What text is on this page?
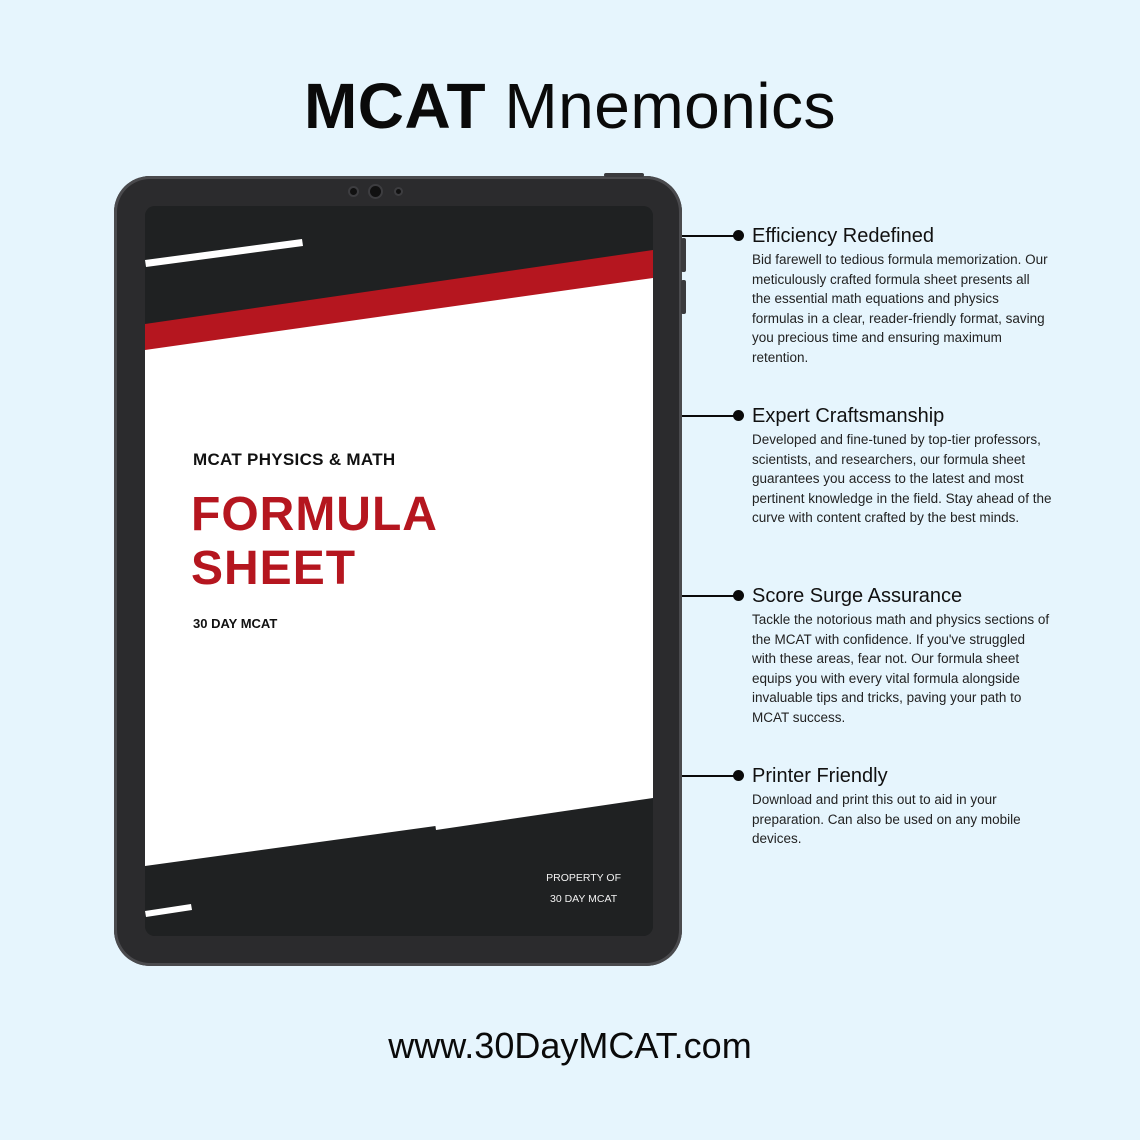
MCAT Mnemonics
MCAT PHYSICS & MATH
FORMULA
SHEET
30 DAY MCAT
PROPERTY OF
30 DAY MCAT
Efficiency Redefined
Bid farewell to tedious formula memorization. Our meticulously crafted formula sheet presents all the essential math equations and physics formulas in a clear, reader-friendly format, saving you precious time and ensuring maximum retention.
Expert Craftsmanship
Developed and fine-tuned by top-tier professors, scientists, and researchers, our formula sheet guarantees you access to the latest and most pertinent knowledge in the field. Stay ahead of the curve with content crafted by the best minds.
Score Surge Assurance
Tackle the notorious math and physics sections of the MCAT with confidence. If you've struggled with these areas, fear not. Our formula sheet equips you with every vital formula alongside invaluable tips and tricks, paving your path to MCAT success.
Printer Friendly
Download and print this out to aid in your preparation. Can also be used on any mobile devices.
www.30DayMCAT.com
